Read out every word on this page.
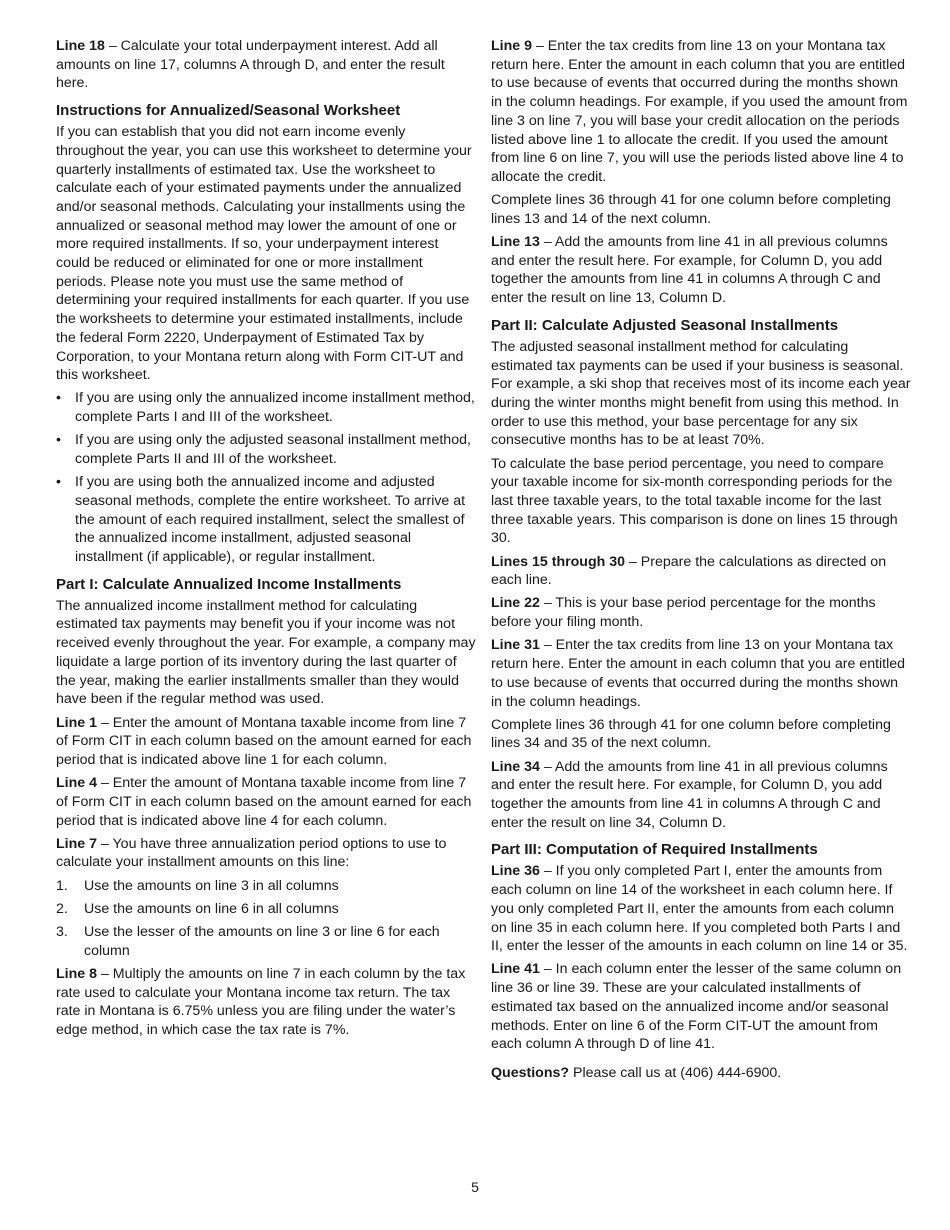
Line 18 – Calculate your total underpayment interest. Add all amounts on line 17, columns A through D, and enter the result here.

Instructions for Annualized/Seasonal Worksheet

If you can establish that you did not earn income evenly throughout the year, you can use this worksheet to determine your quarterly installments of estimated tax. Use the worksheet to calculate each of your estimated payments under the annualized and/or seasonal methods. Calculating your installments using the annualized or seasonal method may lower the amount of one or more required installments. If so, your underpayment interest could be reduced or eliminated for one or more installment periods. Please note you must use the same method of determining your required installments for each quarter. If you use the worksheets to determine your estimated installments, include the federal Form 2220, Underpayment of Estimated Tax by Corporation, to your Montana return along with Form CIT-UT and this worksheet.

• If you are using only the annualized income installment method, complete Parts I and III of the worksheet.
• If you are using only the adjusted seasonal installment method, complete Parts II and III of the worksheet.
• If you are using both the annualized income and adjusted seasonal methods, complete the entire worksheet. To arrive at the amount of each required installment, select the smallest of the annualized income installment, adjusted seasonal installment (if applicable), or regular installment.
Part I: Calculate Annualized Income Installments

The annualized income installment method for calculating estimated tax payments may benefit you if your income was not received evenly throughout the year. For example, a company may liquidate a large portion of its inventory during the last quarter of the year, making the earlier installments smaller than they would have been if the regular method was used.

Line 1 – Enter the amount of Montana taxable income from line 7 of Form CIT in each column based on the amount earned for each period that is indicated above line 1 for each column.

Line 4 – Enter the amount of Montana taxable income from line 7 of Form CIT in each column based on the amount earned for each period that is indicated above line 4 for each column.

Line 7 – You have three annualization period options to use to calculate your installment amounts on this line:

1. Use the amounts on line 3 in all columns
2. Use the amounts on line 6 in all columns
3. Use the lesser of the amounts on line 3 or line 6 for each column

Line 8 – Multiply the amounts on line 7 in each column by the tax rate used to calculate your Montana income tax return. The tax rate in Montana is 6.75% unless you are filing under the water’s edge method, in which case the tax rate is 7%.

Line 9 – Enter the tax credits from line 13 on your Montana tax return here. Enter the amount in each column that you are entitled to use because of events that occurred during the months shown in the column headings. For example, if you used the amount from line 3 on line 7, you will base your credit allocation on the periods listed above line 1 to allocate the credit. If you used the amount from line 6 on line 7, you will use the periods listed above line 4 to allocate the credit.

Complete lines 36 through 41 for one column before completing lines 13 and 14 of the next column.

Line 13 – Add the amounts from line 41 in all previous columns and enter the result here. For example, for Column D, you add together the amounts from line 41 in columns A through C and enter the result on line 13, Column D.

Part II: Calculate Adjusted Seasonal Installments

The adjusted seasonal installment method for calculating estimated tax payments can be used if your business is seasonal. For example, a ski shop that receives most of its income each year during the winter months might benefit from using this method. In order to use this method, your base percentage for any six consecutive months has to be at least 70%.

To calculate the base period percentage, you need to compare your taxable income for six-month corresponding periods for the last three taxable years, to the total taxable income for the last three taxable years. This comparison is done on lines 15 through 30.

Lines 15 through 30 – Prepare the calculations as directed on each line.

Line 22 – This is your base period percentage for the months before your filing month.

Line 31 – Enter the tax credits from line 13 on your Montana tax return here. Enter the amount in each column that you are entitled to use because of events that occurred during the months shown in the column headings.

Complete lines 36 through 41 for one column before completing lines 34 and 35 of the next column.

Line 34 – Add the amounts from line 41 in all previous columns and enter the result here. For example, for Column D, you add together the amounts from line 41 in columns A through C and enter the result on line 34, Column D.

Part III: Computation of Required Installments

Line 36 – If you only completed Part I, enter the amounts from each column on line 14 of the worksheet in each column here. If you only completed Part II, enter the amounts from each column on line 35 in each column here. If you completed both Parts I and II, enter the lesser of the amounts in each column on line 14 or 35.

Line 41 – In each column enter the lesser of the same column on line 36 or line 39. These are your calculated installments of estimated tax based on the annualized income and/or seasonal methods. Enter on line 6 of the Form CIT-UT the amount from each column A through D of line 41.

Questions? Please call us at (406) 444-6900.

5
